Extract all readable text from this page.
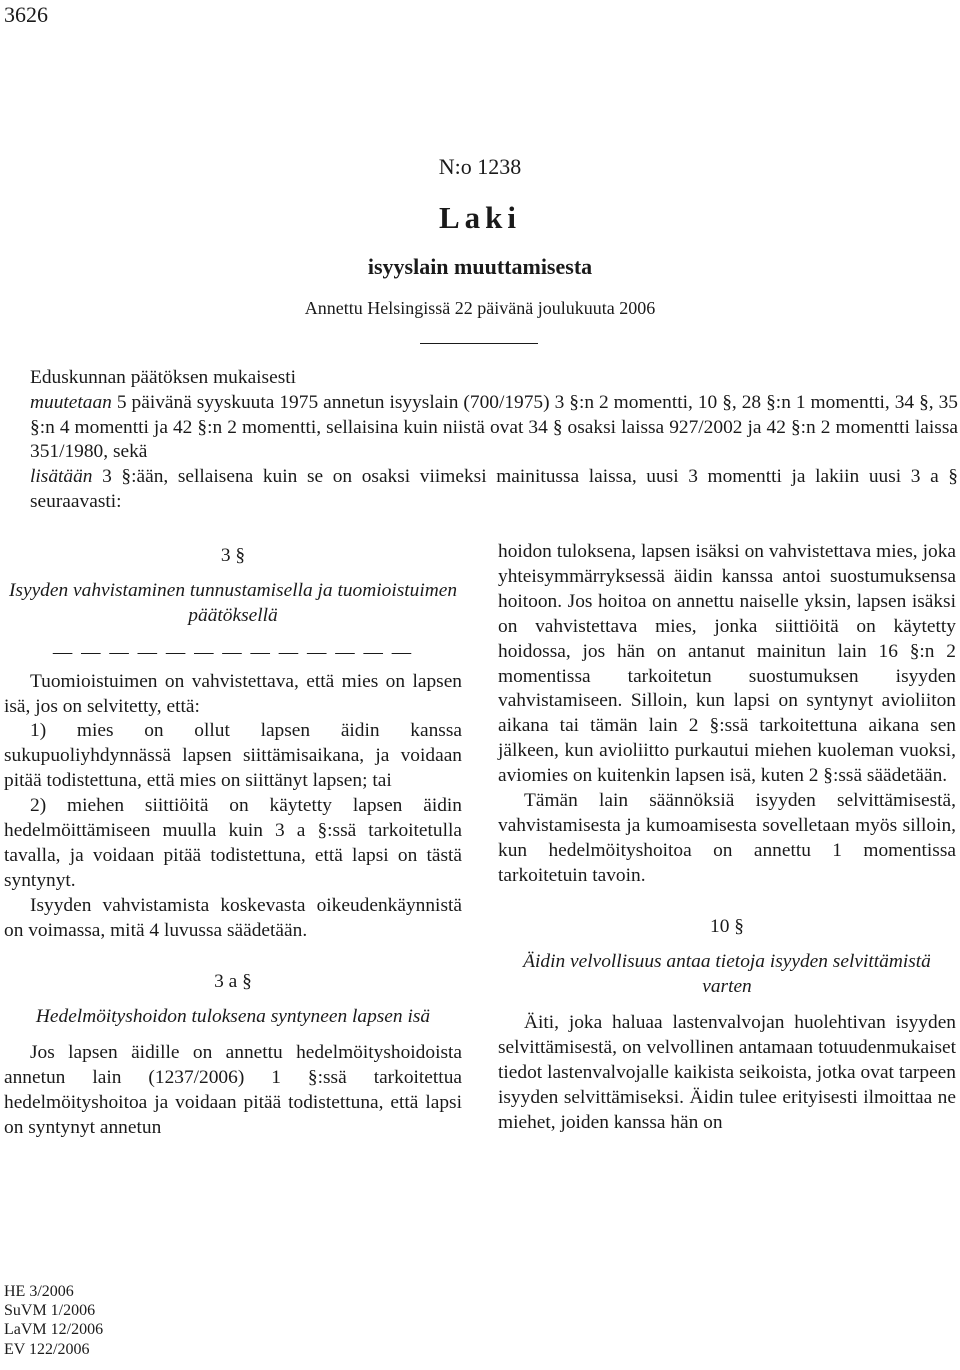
3626
N:o 1238
Laki
isyyslain muuttamisesta
Annettu Helsingissä 22 päivänä joulukuuta 2006

Eduskunnan päätöksen mukaisesti

muutetaan 5 päivänä syyskuuta 1975 annetun isyyslain (700/1975) 3 §:n 2 momentti, 10 §, 28 §:n 1 momentti, 34 §, 35 §:n 4 momentti ja 42 §:n 2 momentti, sellaisina kuin niistä ovat 34 § osaksi laissa 927/2002 ja 42 §:n 2 momentti laissa 351/1980, sekä

lisätään 3 §:ään, sellaisena kuin se on osaksi viimeksi mainitussa laissa, uusi 3 momentti ja lakiin uusi 3 a § seuraavasti:

3 §

Isyyden vahvistaminen tunnustamisella ja tuomioistuimen päätöksellä

— — — — — — — — — — — — —

Tuomioistuimen on vahvistettava, että mies on lapsen isä, jos on selvitetty, että:

1) mies on ollut lapsen äidin kanssa sukupuoliyhdynnässä lapsen siittämisaikana, ja voidaan pitää todistettuna, että mies on siittänyt lapsen; tai

2) miehen siittiöitä on käytetty lapsen äidin hedelmöittämiseen muulla kuin 3 a §:ssä tarkoitetulla tavalla, ja voidaan pitää todistettuna, että lapsi on tästä syntynyt.

Isyyden vahvistamista koskevasta oikeudenkäynnistä on voimassa, mitä 4 luvussa säädetään.

3 a §

Hedelmöityshoidon tuloksena syntyneen lapsen isä

Jos lapsen äidille on annettu hedelmöityshoidoista annetun lain (1237/2006) 1 §:ssä tarkoitettua hedelmöityshoitoa ja voidaan pitää todistettuna, että lapsi on syntynyt annetun

hoidon tuloksena, lapsen isäksi on vahvistettava mies, joka yhteisymmärryksessä äidin kanssa antoi suostumuksensa hoitoon. Jos hoitoa on annettu naiselle yksin, lapsen isäksi on vahvistettava mies, jonka siittiöitä on käytetty hoidossa, jos hän on antanut mainitun lain 16 §:n 2 momentissa tarkoitetun suostumuksen isyyden vahvistamiseen. Silloin, kun lapsi on syntynyt avioliiton aikana tai tämän lain 2 §:ssä tarkoitettuna aikana sen jälkeen, kun avioliitto purkautui miehen kuoleman vuoksi, aviomies on kuitenkin lapsen isä, kuten 2 §:ssä säädetään.

Tämän lain säännöksiä isyyden selvittämisestä, vahvistamisesta ja kumoamisesta sovelletaan myös silloin, kun hedelmöityshoitoa on annettu 1 momentissa tarkoitetuin tavoin.

10 §

Äidin velvollisuus antaa tietoja isyyden selvittämistä varten

Äiti, joka haluaa lastenvalvojan huolehtivan isyyden selvittämisestä, on velvollinen antamaan totuudenmukaiset tiedot lastenvalvojalle kaikista seikoista, jotka ovat tarpeen isyyden selvittämiseksi. Äidin tulee erityisesti ilmoittaa ne miehet, joiden kanssa hän on

HE 3/2006
SuVM 1/2006
LaVM 12/2006
EV 122/2006
